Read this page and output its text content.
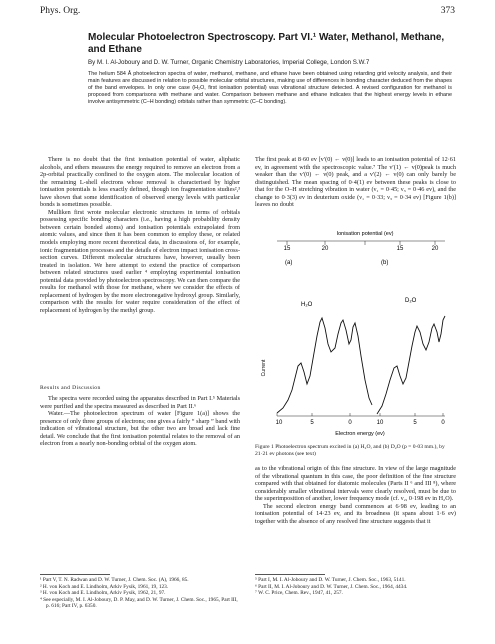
Phys. Org.	373
Molecular Photoelectron Spectroscopy. Part VI.¹ Water, Methanol, Methane, and Ethane

By M. I. Al-Joboury and D. W. Turner, Organic Chemistry Laboratories, Imperial College, London S.W.7

The helium 584 Å photoelectron spectra of water, methanol, methane, and ethane have been obtained using retarding grid velocity analysis, and their main features are discussed in relation to possible molecular orbital structures, making use of differences in bonding character deduced from the shapes of the band envelopes. In only one case (H₂O, first ionisation potential) was vibrational structure detected. A revised configuration for methanol is proposed from comparisons with methane and water. Comparison between methane and ethane indicates that the highest energy levels in ethane involve antisymmetric (C–H bonding) orbitals rather than symmetric (C–C bonding).

There is no doubt that the first ionisation potential of water, aliphatic alcohols, and ethers measures the energy required to remove an electron from a 2p-orbital practically confined to the oxygen atom. The molecular location of the remaining L-shell electrons whose removal is characterised by higher ionisation potentials is less exactly defined, though ion fragmentation studies²,³ have shown that some identification of observed energy levels with particular bonds is sometimes possible.

Mulliken first wrote molecular electronic structures in terms of orbitals possessing specific bonding characters (i.e., having a high probability density between certain bonded atoms) and ionisation potentials extrapolated from atomic values, and since then it has been common to employ these, or related models employing more recent theoretical data, in discussions of, for example, ionic fragmentation processes and the details of electron impact ionisation cross-section curves. Different molecular structures have, however, usually been treated in isolation. We here attempt to extend the practice of comparison between related structures used earlier ⁴ employing experimental ionisation potential data provided by photoelectron spectroscopy. We can then compare the results for methanol with those for methane, where we consider the effects of replacement of hydrogen by the more electronegative hydroxyl group. Similarly, comparison with the results for water require consideration of the effect of replacement of hydrogen by the methyl group.

Results and Discussion

The spectra were recorded using the apparatus described in Part I.⁵ Materials were purified and the spectra measured as described in Part II.⁶

Water.—The photoelectron spectrum of water [Figure 1(a)] shows the presence of only three groups of electrons; one gives a fairly “ sharp ” band with indication of vibrational structure, but the other two are broad and lack fine detail. We conclude that the first ionisation potential relates to the removal of an electron from a nearly non-bonding orbital of the oxygen atom.

The first peak at 8·60 ev [v′(0) ← v(0)] leads to an ionisation potential of 12·61 ev, in agreement with the spectroscopic value.⁷ The v′(1) ← v(0)peak is much weaker than the v′(0) ← v(0) peak, and a v′(2) ← v(0) can only barely be distinguished. The mean spacing of 0·4(1) ev between these peaks is close to that for the O–H stretching vibration in water (ν₁ = 0·45; ν₃ = 0·46 ev), and the change to 0·3(3) ev in deuterium oxide (ν₁ = 0·33; ν₃ = 0·34 ev) [Figure 1(b)] leaves no doubt

Ionisation potential (ev)
15	20	15	20
Current
(a)	(b)
H₂O
D₂O
10	5	0	10	5	0
Electron energy (ev)

Figure 1 Photoelectron spectrum excited in (a) H₂O, and (b) D₂O (p = 0·03 mm.), by 21·21 ev photons (see text)

as to the vibrational origin of this fine structure. In view of the large magnitude of the vibrational quantum in this case, the poor definition of the fine structure compared with that obtained for diatomic molecules (Parts II ⁶ and III ⁸), where considerably smaller vibrational intervals were clearly resolved, must be due to the superimposition of another, lower frequency mode (cf. ν₂, 0·198 ev in H₂O).

The second electron energy band commences at 6·98 ev, leading to an ionisation potential of 14·23 ev, and its broadness (it spans about 1·6 ev) together with the absence of any resolved fine structure suggests that it

¹ Part V, T. N. Radwan and D. W. Turner, J. Chem. Soc. (A), 1966, 85.
² H. von Koch and E. Lindholm, Arkiv Fysik, 1961, 19, 123.
³ H. von Koch and E. Lindholm, Arkiv Fysik, 1962, 21, 97.
⁴ See especially, M. I. Al-Joboury, D. P. May, and D. W. Turner, J. Chem. Soc., 1965, Part III, p. 616; Part IV, p. 6350.
⁵ Part I, M. I. Al-Joboury and D. W. Turner, J. Chem. Soc., 1963, 5141.
⁶ Part II, M. I. Al-Joboury and D. W. Turner, J. Chem. Soc., 1964, 4434.
⁷ W. C. Price, Chem. Rev., 1947, 41, 257.
